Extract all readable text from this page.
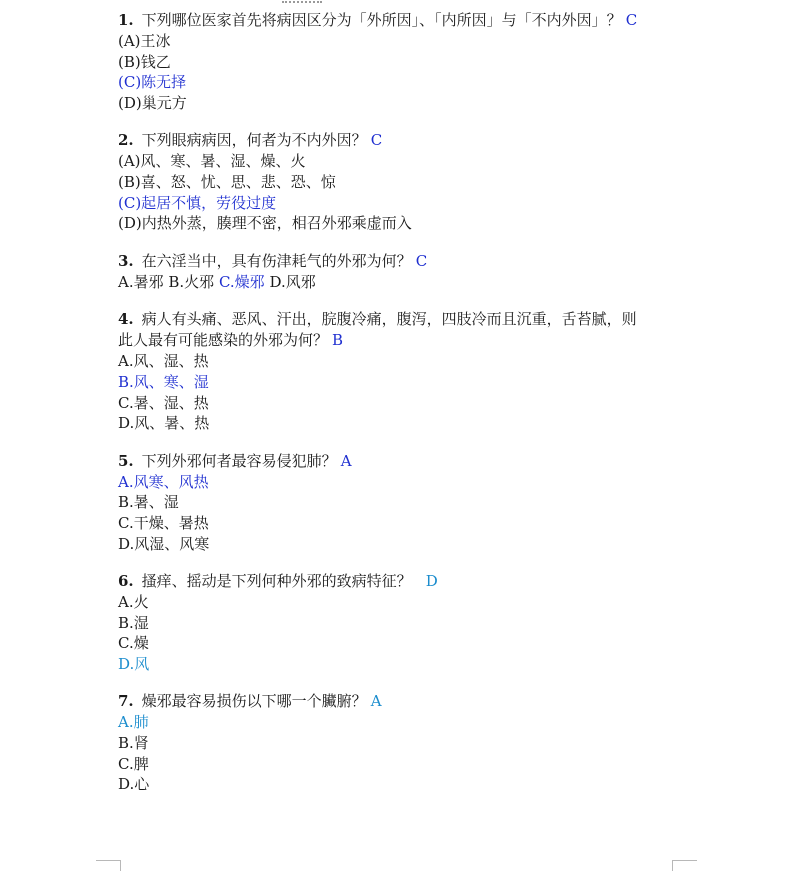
1. 下列哪位医家首先将病因区分为「外所因」、「内所因」与「不内外因」？ C
(A)王冰
(B)钱乙
(C)陈无择
(D)巢元方
2. 下列眼病病因，何者为不内外因？ C
(A)风、寒、暑、湿、燥、火
(B)喜、怒、忧、思、悲、恐、惊
(C)起居不慎，劳役过度
(D)内热外蒸，腠理不密，相召外邪乘虚而入
3. 在六淫当中，具有伤津耗气的外邪为何？ C
A.暑邪 B.火邪 C.燥邪 D.风邪
4. 病人有头痛、恶风、汗出，脘腹冷痛，腹泻，四肢冷而且沉重，舌苔腻，则
此人最有可能感染的外邪为何？ B
A.风、湿、热
B.风、寒、湿
C.暑、湿、热
D.风、暑、热
5. 下列外邪何者最容易侵犯肺？ A
A.风寒、风热
B.暑、湿
C.干燥、暑热
D.风湿、风寒
6. 搔痒、摇动是下列何种外邪的致病特征？ D
A.火
B.湿
C.燥
D.风
7. 燥邪最容易损伤以下哪一个臟腑？ A
A.肺
B.肾
C.脾
D.心
